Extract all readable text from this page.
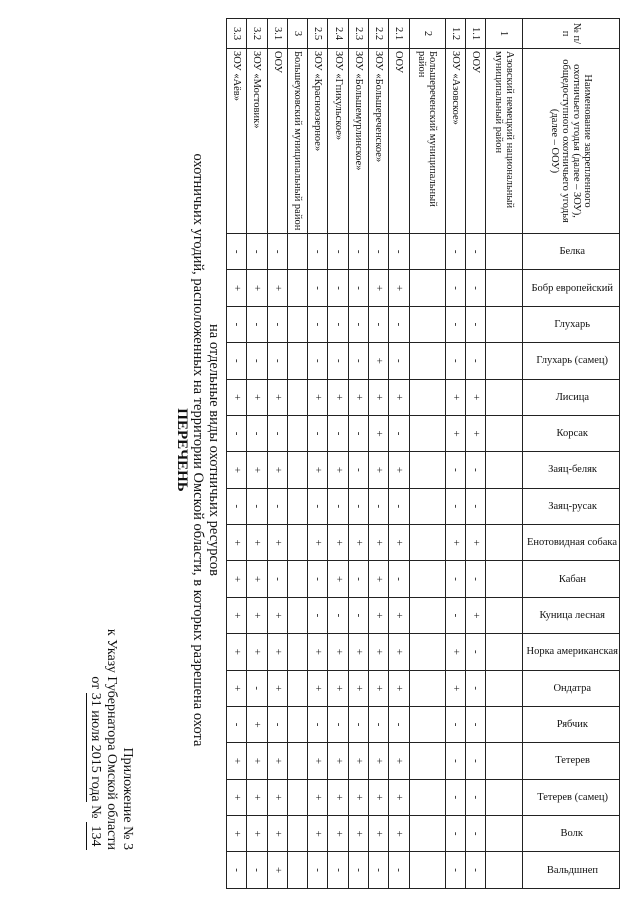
Приложение № 3
к Указу Губернатора Омской области
от 31 июля 2015 года № 134
ПЕРЕЧЕНЬ охотничьих угодий, расположенных на территории Омской области, в которых разрешена охота на отдельные виды охотничьих ресурсов
№ п/п	Наименование закрепленного охотничьего угодья (далее – ЗОУ), общедоступного охотничьего угодья (далее – ООУ)	Белка	Бобр европейский	Глухарь	Глухарь (самец)	Лисица	Корсак	Заяц-беляк	Заяц-русак	Енотовидная собака	Кабан	Куница лесная	Норка американская	Ондатра	Рябчик	Тетерев	Тетерев (самец)	Волк	Вальдшнеп
1	Азовский немецкий национальный муниципальный район																		
1.1	ООУ	-	-	-	-	+	+	-	-	+	-	+	-	-	-	-	-	-	-
1.2	ЗОУ «Азовское»	-	-	-	-	+	+	-	-	+	-	-	+	+	-	-	-	-	-
2	Большереченский муниципальный район																		
2.1	ООУ	-	+	-	-	+	-	+	-	+	-	+	+	+	-	+	+	+	-
2.2	ЗОУ «Большереченское»	-	+	-	+	+	+	+	-	+	+	+	+	+	-	+	+	+	-
2.3	ЗОУ «Большемурлинское»	-	-	-	-	+	-	-	-	+	-	-	+	+	-	+	+	+	-
2.4	ЗОУ «Гпикульское»	-	-	-	-	+	-	+	-	+	+	-	+	+	-	+	+	+	-
2.5	ЗОУ «Красноозерное»	-	-	-	-	+	-	+	-	+	-	-	+	+	-	+	+	+	-
3	Большеуковский муниципальный район																		
3.1	ООУ	-	+	-	-	+	-	+	-	+	-	+	+	+	-	+	+	+	+
3.2	ЗОУ «Мостовик»	-	+	-	-	+	-	+	-	+	+	+	+	-	+	+	+	+	-
3.3	ЗОУ «Аёв»	-	+	-	-	+	-	+	-	+	+	+	+	+	-	+	+	+	-
